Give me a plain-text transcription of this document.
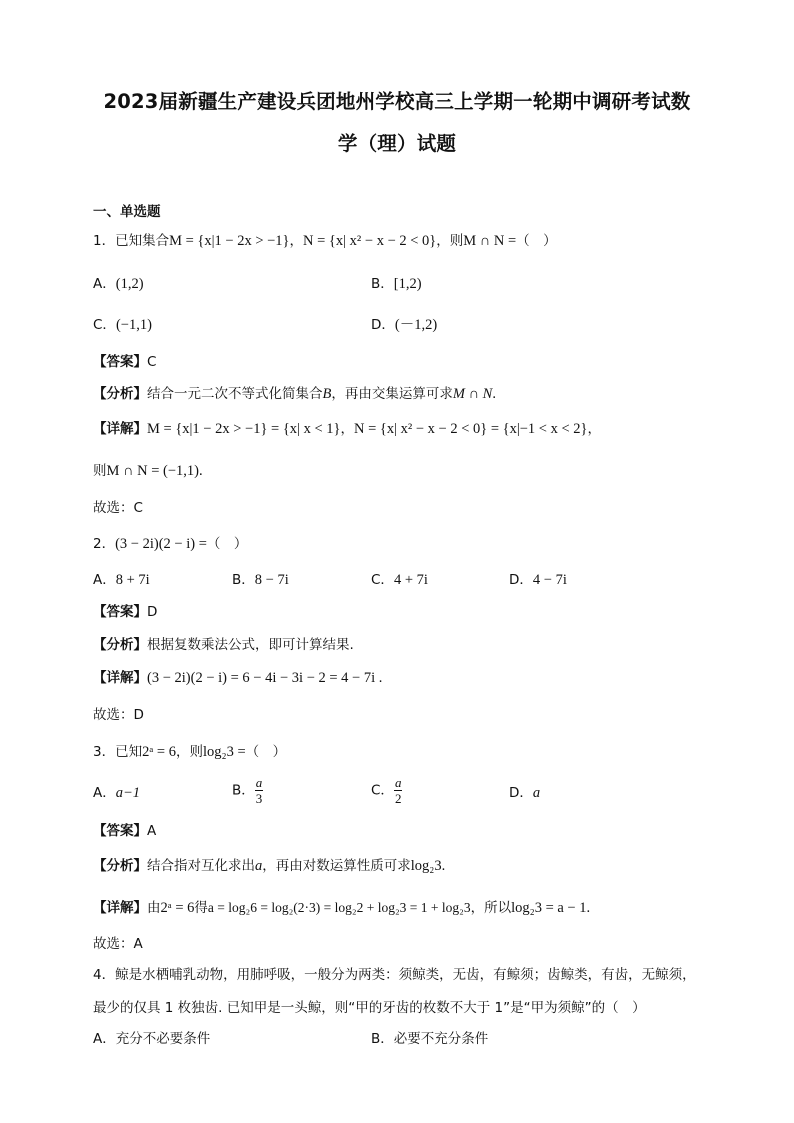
2023届新疆生产建设兵团地州学校高三上学期一轮期中调研考试数
学（理）试题
一、单选题
1．已知集合M = {x|1 − 2x > −1}，N = {x| x² − x − 2 < 0}，则M ∩ N =（　）
A．(1,2)	B．[1,2)
C．(−1,1)	D．(－1,2)
【答案】C
【分析】结合一元二次不等式化简集合B，再由交集运算可求M ∩ N.
【详解】M = {x|1 − 2x > −1} = {x| x < 1}，N = {x| x² − x − 2 < 0} = {x|−1 < x < 2}，
则M ∩ N = (−1,1).
故选：C
2．(3 − 2i)(2 − i) =（　）
A．8 + 7i	B．8 − 7i	C．4 + 7i	D．4 − 7i
【答案】D
【分析】根据复数乘法公式，即可计算结果.
【详解】(3 − 2i)(2 − i) = 6 − 4i − 3i − 2 = 4 − 7i .
故选：D
3．已知2ᵃ = 6，则log₂3 =（　）
A．a−1	B． $\frac{a}{3}$	C． $\frac{a}{2}$	D．a
【答案】A
【分析】结合指对互化求出a，再由对数运算性质可求log₂3.
【详解】由2ᵃ = 6得a = log₂6 = log₂(2·3) = log₂2 + log₂3 = 1 + log₂3，所以log₂3 = a − 1.
故选：A
4．鲸是水栖哺乳动物，用肺呼吸，一般分为两类：须鲸类，无齿，有鲸须；齿鲸类，有齿，无鲸须，
最少的仅具 1 枚独齿. 已知甲是一头鲸，则“甲的牙齿的枚数不大于 1”是“甲为须鲸”的（　）
A．充分不必要条件	B．必要不充分条件
